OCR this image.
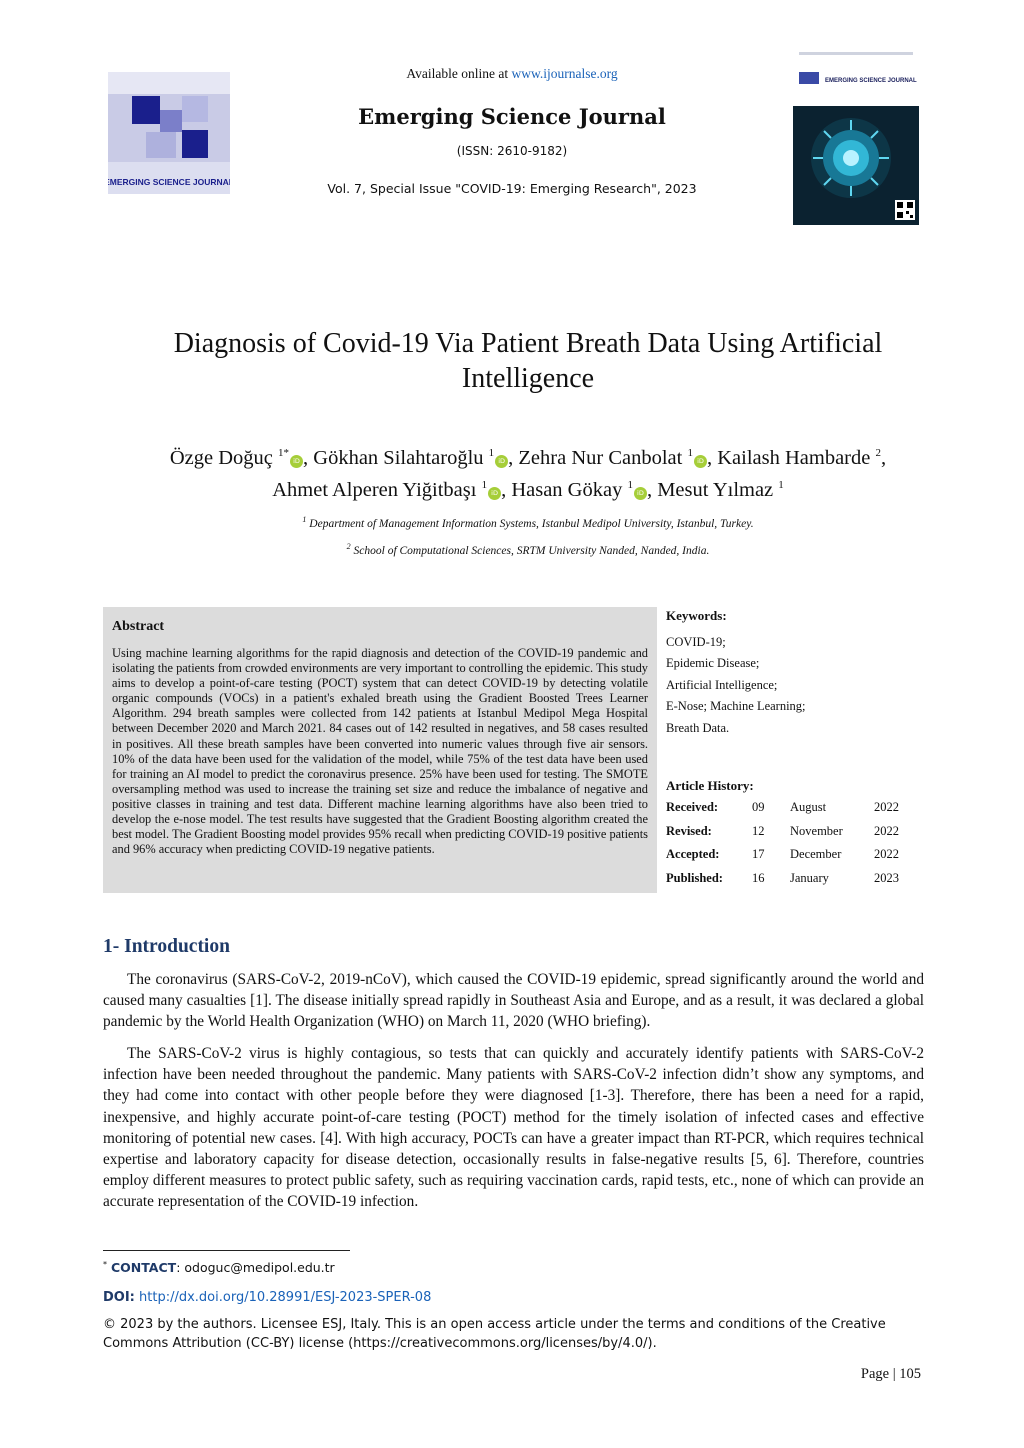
EMERGING SCIENCE JOURNAL
Available online at www.ijournalse.org
Emerging Science Journal
(ISSN: 2610-9182)
Vol. 7, Special Issue "COVID-19: Emerging Research", 2023
EMERGING SCIENCE JOURNAL
Diagnosis of Covid-19 Via Patient Breath Data Using Artificial
Intelligence
Özge Doğuç $^{1*}$iD , Gökhan Silahtaroğlu $^1$iD , Zehra Nur Canbolat $^1$iD , Kailash Hambarde $^2$,
Ahmet Alperen Yiğitbaşı $^1$iD , Hasan Gökay $^1$iD , Mesut Yılmaz $^1$
$^1$ Department of Management Information Systems, Istanbul Medipol University, Istanbul, Turkey.
$^2$ School of Computational Sciences, SRTM University Nanded, Nanded, India.
Abstract
Using machine learning algorithms for the rapid diagnosis and detection of the COVID-19 pandemic and isolating the patients from crowded environments are very important to controlling the epidemic. This study aims to develop a point-of-care testing (POCT) system that can detect COVID-19 by detecting volatile organic compounds (VOCs) in a patient's exhaled breath using the Gradient Boosted Trees Learner Algorithm. 294 breath samples were collected from 142 patients at Istanbul Medipol Mega Hospital between December 2020 and March 2021. 84 cases out of 142 resulted in negatives, and 58 cases resulted in positives. All these breath samples have been converted into numeric values through five air sensors. 10% of the data have been used for the validation of the model, while 75% of the test data have been used for training an AI model to predict the coronavirus presence. 25% have been used for testing. The SMOTE oversampling method was used to increase the training set size and reduce the imbalance of negative and positive classes in training and test data. Different machine learning algorithms have also been tried to develop the e-nose model. The test results have suggested that the Gradient Boosting algorithm created the best model. The Gradient Boosting model provides 95% recall when predicting COVID-19 positive patients and 96% accuracy when predicting COVID-19 negative patients.
Keywords:
COVID-19;
Epidemic Disease;
Artificial Intelligence;
E-Nose; Machine Learning;
Breath Data.
Article History:
Received:	09 August	2022
Revised:	12 November 2022
Accepted:	17 December	2022
Published: 16 January	2023
1- Introduction
The coronavirus (SARS-CoV-2, 2019-nCoV), which caused the COVID-19 epidemic, spread significantly around the world and caused many casualties [1]. The disease initially spread rapidly in Southeast Asia and Europe, and as a result, it was declared a global pandemic by the World Health Organization (WHO) on March 11, 2020 (WHO briefing).
The SARS-CoV-2 virus is highly contagious, so tests that can quickly and accurately identify patients with SARS-CoV-2 infection have been needed throughout the pandemic. Many patients with SARS-CoV-2 infection didn’t show any symptoms, and they had come into contact with other people before they were diagnosed [1-3]. Therefore, there has been a need for a rapid, inexpensive, and highly accurate point-of-care testing (POCT) method for the timely isolation of infected cases and effective monitoring of potential new cases. [4]. With high accuracy, POCTs can have a greater impact than RT-PCR, which requires technical expertise and laboratory capacity for disease detection, occasionally results in false-negative results [5, 6]. Therefore, countries employ different measures to protect public safety, such as requiring vaccination cards, rapid tests, etc., none of which can provide an accurate representation of the COVID-19 infection.
* CONTACT: odoguc@medipol.edu.tr
DOI: http://dx.doi.org/10.28991/ESJ-2023-SPER-08
© 2023 by the authors. Licensee ESJ, Italy. This is an open access article under the terms and conditions of the Creative Commons Attribution (CC-BY) license (https://creativecommons.org/licenses/by/4.0/).
Page | 105
